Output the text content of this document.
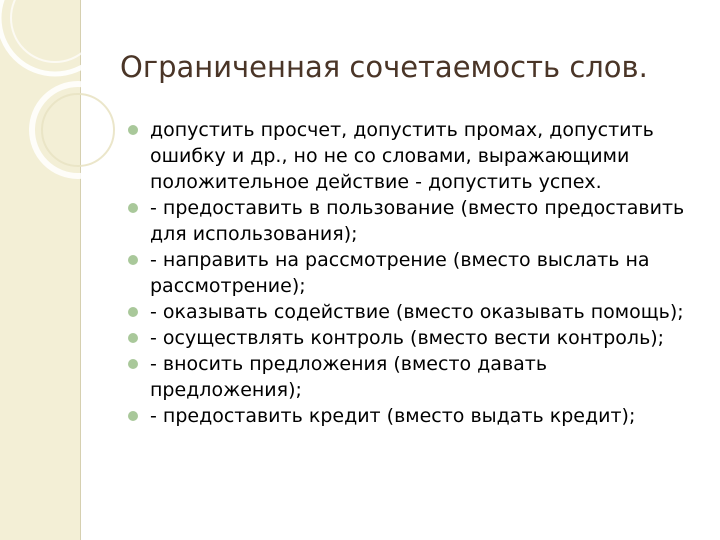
Ограниченная сочетаемость слов.
допустить просчет, допустить промах, допустить ошибку и др., но не со словами, выражающими положительное действие - допустить успех.
- предоставить в пользование (вместо предоставить для использования);
- направить на рассмотрение (вместо выслать на рассмотрение);
- оказывать содействие (вместо оказывать помощь);
- осуществлять контроль (вместо вести контроль);
- вносить предложения (вместо давать предложения);
- предоставить кредит (вместо выдать кредит);
